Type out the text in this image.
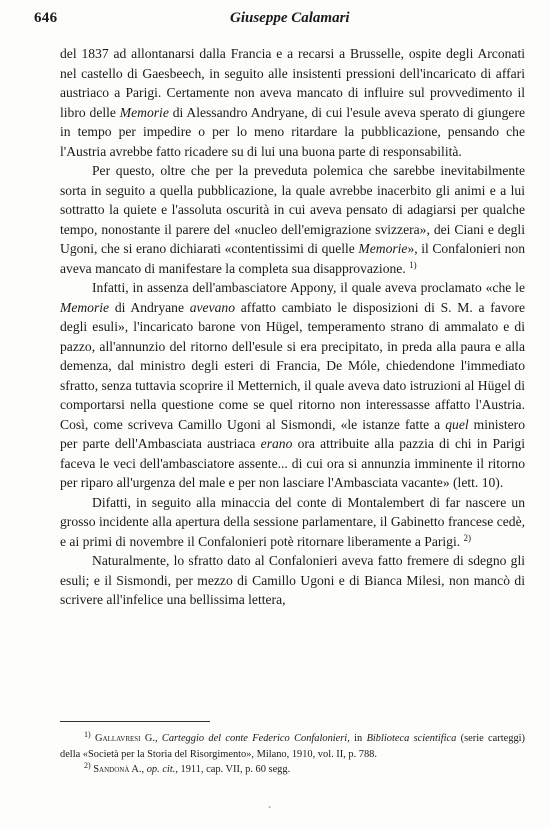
646	Giuseppe Calamari

del 1837 ad allontanarsi dalla Francia e a recarsi a Brusselle, ospite degli Arconati nel castello di Gaesbeech, in seguito alle insistenti pressioni dell'incaricato di affari austriaco a Parigi. Certamente non aveva mancato di influire sul provvedimento il libro delle Memorie di Alessandro Andryane, di cui l'esule aveva sperato di giungere in tempo per impedire o per lo meno ritardare la pubblicazione, pensando che l'Austria avrebbe fatto ricadere su di lui una buona parte di responsabilità.

Per questo, oltre che per la preveduta polemica che sarebbe inevitabilmente sorta in seguito a quella pubblicazione, la quale avrebbe inacerbito gli animi e a lui sottratto la quiete e l'assoluta oscurità in cui aveva pensato di adagiarsi per qualche tempo, nonostante il parere del «nucleo dell'emigrazione svizzera», dei Ciani e degli Ugoni, che si erano dichiarati «contentissimi di quelle Memorie», il Confalonieri non aveva mancato di manifestare la completa sua disapprovazione. $^{1)}$

Infatti, in assenza dell'ambasciatore Appony, il quale aveva proclamato «che le Memorie di Andryane avevano affatto cambiato le disposizioni di S. M. a favore degli esuli», l'incaricato barone von Hügel, temperamento strano di ammalato e di pazzo, all'annunzio del ritorno dell'esule si era precipitato, in preda alla paura e alla demenza, dal ministro degli esteri di Francia, De Móle, chiedendone l'immediato sfratto, senza tuttavia scoprire il Metternich, il quale aveva dato istruzioni al Hügel di comportarsi nella questione come se quel ritorno non interessasse affatto l'Austria. Così, come scriveva Camillo Ugoni al Sismondi, «le istanze fatte a quel ministero per parte dell'Ambasciata austriaca erano ora attribuite alla pazzia di chi in Parigi faceva le veci dell'ambasciatore assente... di cui ora si annunzia imminente il ritorno per riparo all'urgenza del male e per non lasciare l'Ambasciata vacante» (lett. 10).

Difatti, in seguito alla minaccia del conte di Montalembert di far nascere un grosso incidente alla apertura della sessione parlamentare, il Gabinetto francese cedè, e ai primi di novembre il Confalonieri potè ritornare liberamente a Parigi. $^{2)}$

Naturalmente, lo sfratto dato al Confalonieri aveva fatto fremere di sdegno gli esuli; e il Sismondi, per mezzo di Camillo Ugoni e di Bianca Milesi, non mancò di scrivere all'infelice una bellissima lettera,

$^{1)}$ Gallavresi G., Carteggio del conte Federico Confalonieri, in Biblioteca scientifica (serie carteggi) della «Società per la Storia del Risorgimento», Milano, 1910, vol. II, p. 788.

$^{2)}$ Sandonà A., op. cit., 1911, cap. VII, p. 60 segg.

ˋ
